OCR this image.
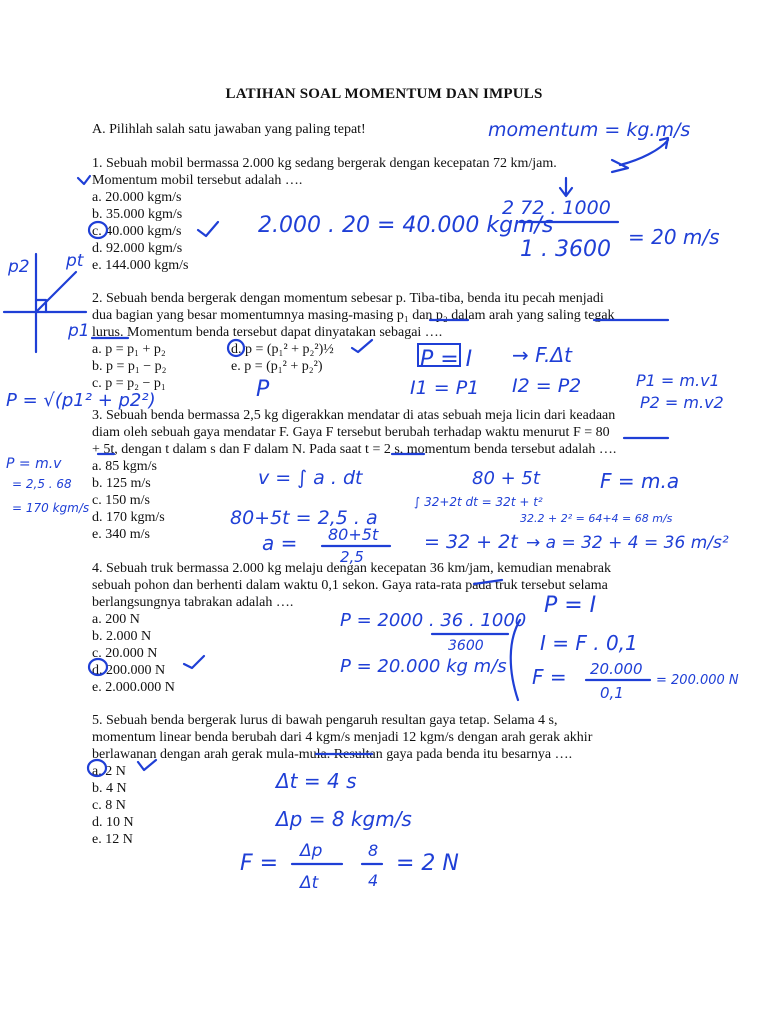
LATIHAN SOAL MOMENTUM DAN IMPULS
A. Pilihlah salah satu jawaban yang paling tepat!
1. Sebuah mobil bermassa 2.000 kg sedang bergerak dengan kecepatan 72 km/jam.
Momentum mobil tersebut adalah ….
a. 20.000 kgm/s
b. 35.000 kgm/s
c. 40.000 kgm/s
d. 92.000 kgm/s
e. 144.000 kgm/s
2. Sebuah benda bergerak dengan momentum sebesar p. Tiba-tiba, benda itu pecah menjadi
dua bagian yang besar momentumnya masing-masing p₁ dan p₂ dalam arah yang saling tegak
lurus. Momentum benda tersebut dapat dinyatakan sebagai ….
a. p = p₁ + p₂
b. p = p₁ − p₂
c. p = p₂ − p₁
d. p = (p₁² + p₂²)½
e. p = (p₁² + p₂²)
3. Sebuah benda bermassa 2,5 kg digerakkan mendatar di atas sebuah meja licin dari keadaan
diam oleh sebuah gaya mendatar F. Gaya F tersebut berubah terhadap waktu menurut F = 80
+ 5t, dengan t dalam s dan F dalam N. Pada saat t = 2 s, momentum benda tersebut adalah ….
a. 85 kgm/s
b. 125 m/s
c. 150 m/s
d. 170 kgm/s
e. 340 m/s
4. Sebuah truk bermassa 2.000 kg melaju dengan kecepatan 36 km/jam, kemudian menabrak
sebuah pohon dan berhenti dalam waktu 0,1 sekon. Gaya rata-rata pada truk tersebut selama
berlangsungnya tabrakan adalah ….
a. 200 N
b. 2.000 N
c. 20.000 N
d. 200.000 N
e. 2.000.000 N
5. Sebuah benda bergerak lurus di bawah pengaruh resultan gaya tetap. Selama 4 s,
momentum linear benda berubah dari 4 kgm/s menjadi 12 kgm/s dengan arah gerak akhir
berlawanan dengan arah gerak mula-mula. Resultan gaya pada benda itu besarnya ….
a. 2 N
b. 4 N
c. 8 N
d. 10 N
e. 12 N
momentum = kg.m/s
2.000 . 20 = 40.000 kgm/s
2 72 . 1000
1 . 3600 = 20 m/s
p2 pt
p1
P = √(p1² + p2²)
P = I → F.Δt
I1 = P1 I2 = P2
P	P1 = m.v1
P2 = m.v2
P = m.v
= 2,5 . 68
= 170 kgm/s
v = ∫ a . dt	80 + 5t	F = m.a
∫ 32+2t dt = 32t + t²
32.2 + 2² = 64+4 = 68 m/s
80+5t = 2,5 . a
a = 80+5t
2,5
= 32 + 2t → a = 32 + 4 = 36 m/s²
P = 2000 . 36 . 1000
3600
P = 20.000 kg m/s
P = I
I = F . 0,1
F = 20.000
0,1
= 200.000 N
Δt = 4 s
Δp = 8 kgm/s
F = Δp
Δt
8
4
= 2 N
